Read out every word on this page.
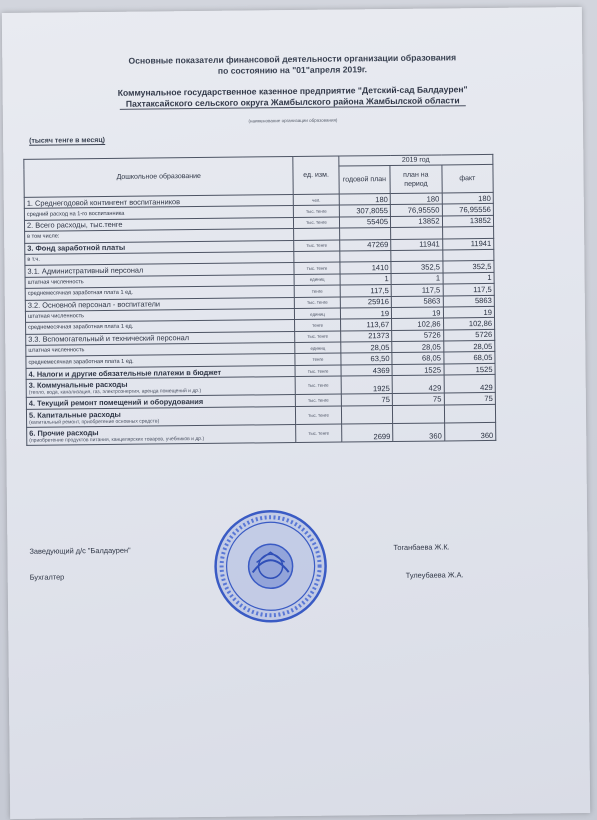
Основные показатели финансовой деятельности организации образования
по состоянию на "01"апреля 2019г.
Коммунальное государственное казенное предприятие "Детский-сад Балдаурен"
Пахтаксайского сельского округа Жамбылского района Жамбылской области
(наименование организации образования)
(тысяч тенге в месяц)
Дошкольное образование	ед. изм.	2019 год		
		годовой план	план на период	факт

1. Среднегодовой контингент воспитанников	чел.	180	180	180

средний расход на 1-го воспитанника	тыс. тенге	307,8055	76,95550	76,95556

2. Всего расходы, тыс.тенге	тыс. тенге	55405	13852	13852

в том числе:				

3. Фонд заработной платы	тыс. тенге	47269	11941	11941

в т.ч.				

3.1. Административный персонал	тыс. тенге	1410	352,5	352,5

штатная численность	единиц	1	1	1

среднемесячная заработная плата 1 ед.	тенге	117,5	117,5	117,5

3.2. Основной персонал - воспитатели	тыс. тенге	25916	5863	5863

штатная численность	единиц	19	19	19

среднемесячная заработная плата 1 ед.	тенге	113,67	102,86	102,86

3.3. Вспомогательный и технический персонал	тыс. тенге	21373	5726	5726

штатная численность	единиц	28,05	28,05	28,05

среднемесячная заработная плата 1 ед.	тенге	63,50	68,05	68,05

4. Налоги и другие обязательные платежи в бюджет	тыс. тенге	4369	1525	1525

3. Коммунальные расходы
(тепло, вода, канализация, газ, электроэнергия, аренда помещений и др.)	тыс. тенге	1925	429	429

4. Текущий ремонт помещений и оборудования	тыс. тенге	75	75	75

5. Капитальные расходы
(капитальный ремонт, приобретение основных средств)	тыс. тенге			

6. Прочие расходы
(приобретение продуктов питания, канцелярских товаров, учебников и др.)	тыс. тенге	2699	360	360
Заведующий д/с "Балдаурен"	Тоганбаева Ж.К.
Бухгалтер	Тулеубаева Ж.А.
